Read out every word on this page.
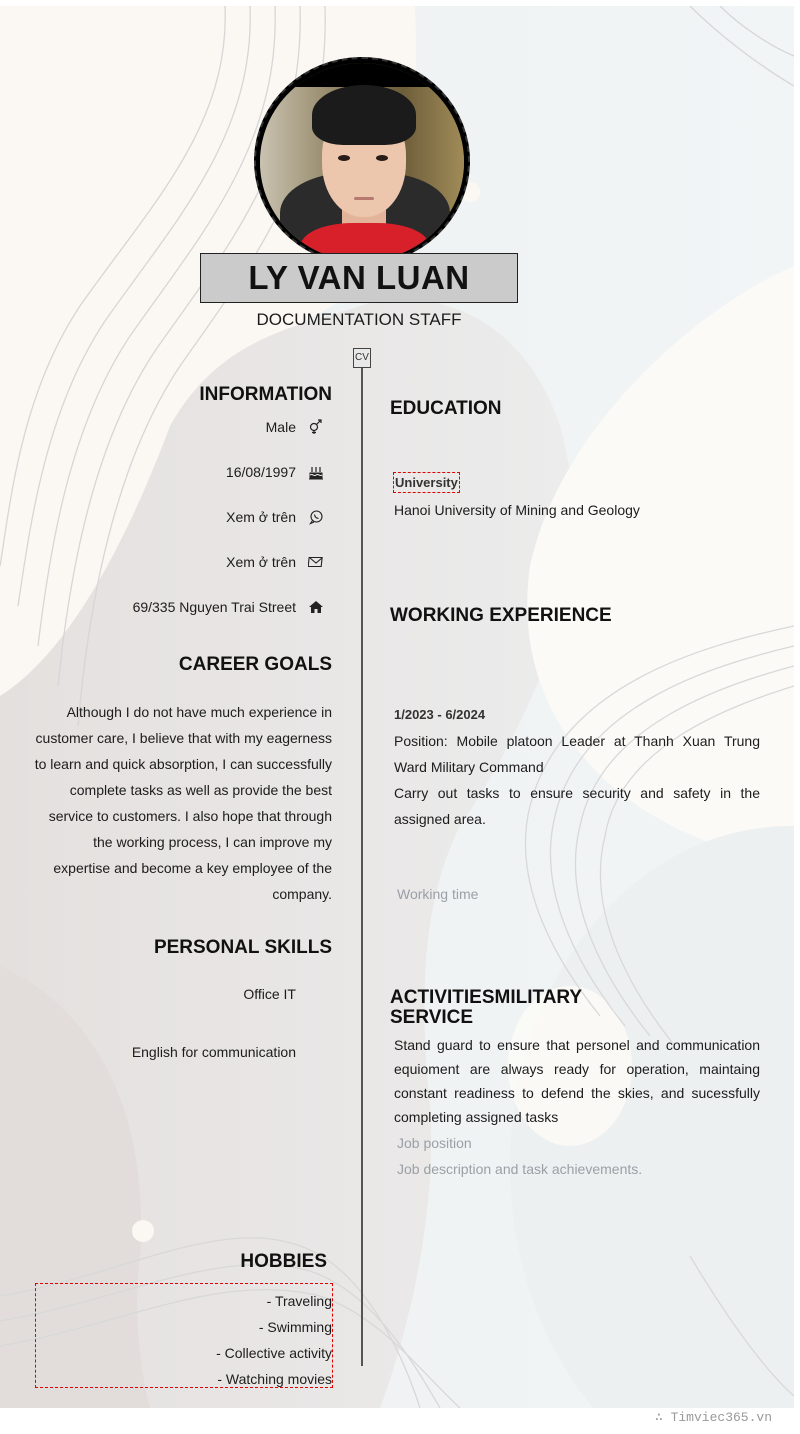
LY VAN LUAN
DOCUMENTATION STAFF
CV
INFORMATION
Male
16/08/1997
Xem ở trên
Xem ở trên
69/335 Nguyen Trai Street
CAREER GOALS
Although I do not have much experience in customer care, I believe that with my eagerness to learn and quick absorption, I can successfully complete tasks as well as provide the best service to customers. I also hope that through the working process, I can improve my expertise and become a key employee of the company.
PERSONAL SKILLS
Office IT
English for communication
HOBBIES
- Traveling
- Swimming
- Collective activity
- Watching movies
EDUCATION
University
Hanoi University of Mining and Geology
WORKING EXPERIENCE
1/2023 - 6/2024
Position: Mobile platoon Leader at Thanh Xuan Trung Ward Military Command
Carry out tasks to ensure security and safety in the assigned area.
Working time
ACTIVITIESMILITARY
SERVICE
Stand guard to ensure that personel and communication equioment are always ready for operation, maintaing constant readiness to defend the skies, and sucessfully completing assigned tasks
Job position
Job description and task achievements.
∴ Timviec365.vn
